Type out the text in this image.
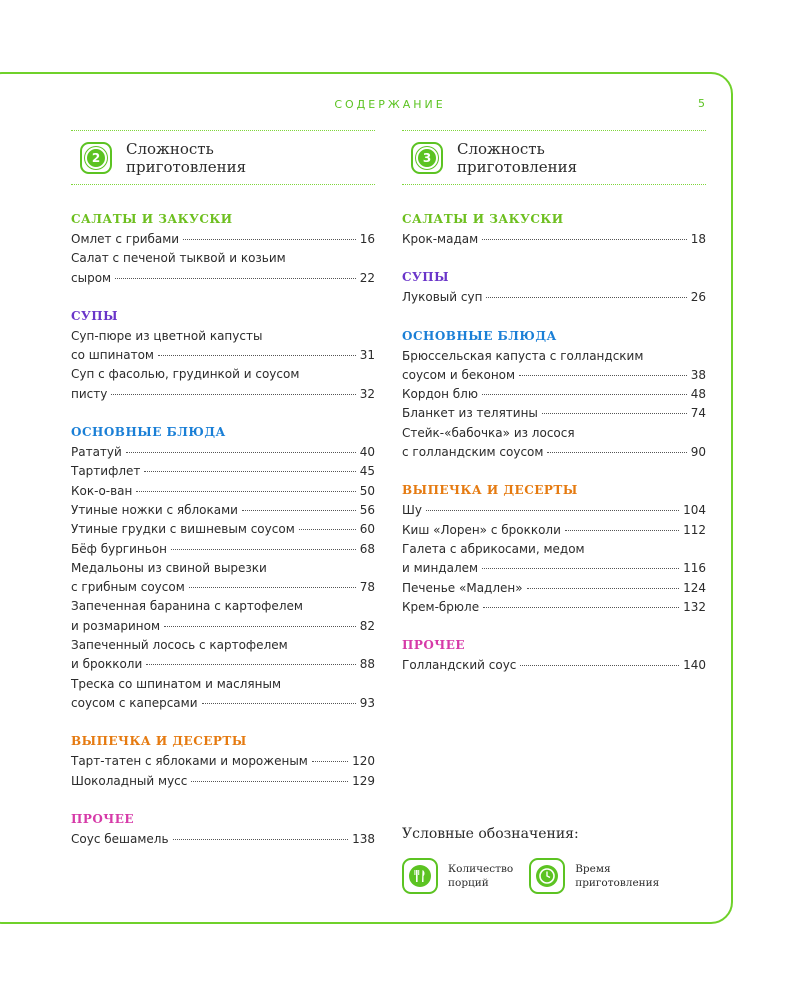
СОДЕРЖАНИЕ	5
2	Сложность
приготовления
САЛАТЫ И ЗАКУСКИ
Омлет с грибами	16
Салат с печеной тыквой и козьим
сыром	22
СУПЫ
Суп-пюре из цветной капусты
со шпинатом	31
Суп с фасолью, грудинкой и соусом
писту	32
ОСНОВНЫЕ БЛЮДА
Рататуй	40
Тартифлет	45
Кок-о-ван	50
Утиные ножки с яблоками	56
Утиные грудки с вишневым соусом	60
Бёф бургиньон	68
Медальоны из свиной вырезки
с грибным соусом	78
Запеченная баранина с картофелем
и розмарином	82
Запеченный лосось с картофелем
и брокколи	88
Треска со шпинатом и масляным
соусом с каперсами	93
ВЫПЕЧКА И ДЕСЕРТЫ
Тарт-татен с яблоками и мороженым	120
Шоколадный мусс	129
ПРОЧЕЕ
Соус бешамель	138
3	Сложность
приготовления
САЛАТЫ И ЗАКУСКИ
Крок-мадам	18
СУПЫ
Луковый суп	26
ОСНОВНЫЕ БЛЮДА
Брюссельская капуста с голландским
соусом и беконом	38
Кордон блю	48
Бланкет из телятины	74
Стейк-«бабочка» из лосося
с голландским соусом	90
ВЫПЕЧКА И ДЕСЕРТЫ
Шу	104
Киш «Лорен» с брокколи	112
Галета с абрикосами, медом
и миндалем	116
Печенье «Мадлен»	124
Крем-брюле	132
ПРОЧЕЕ
Голландский соус	140
Условные обозначения:
Количество
порций
Время
приготовления
